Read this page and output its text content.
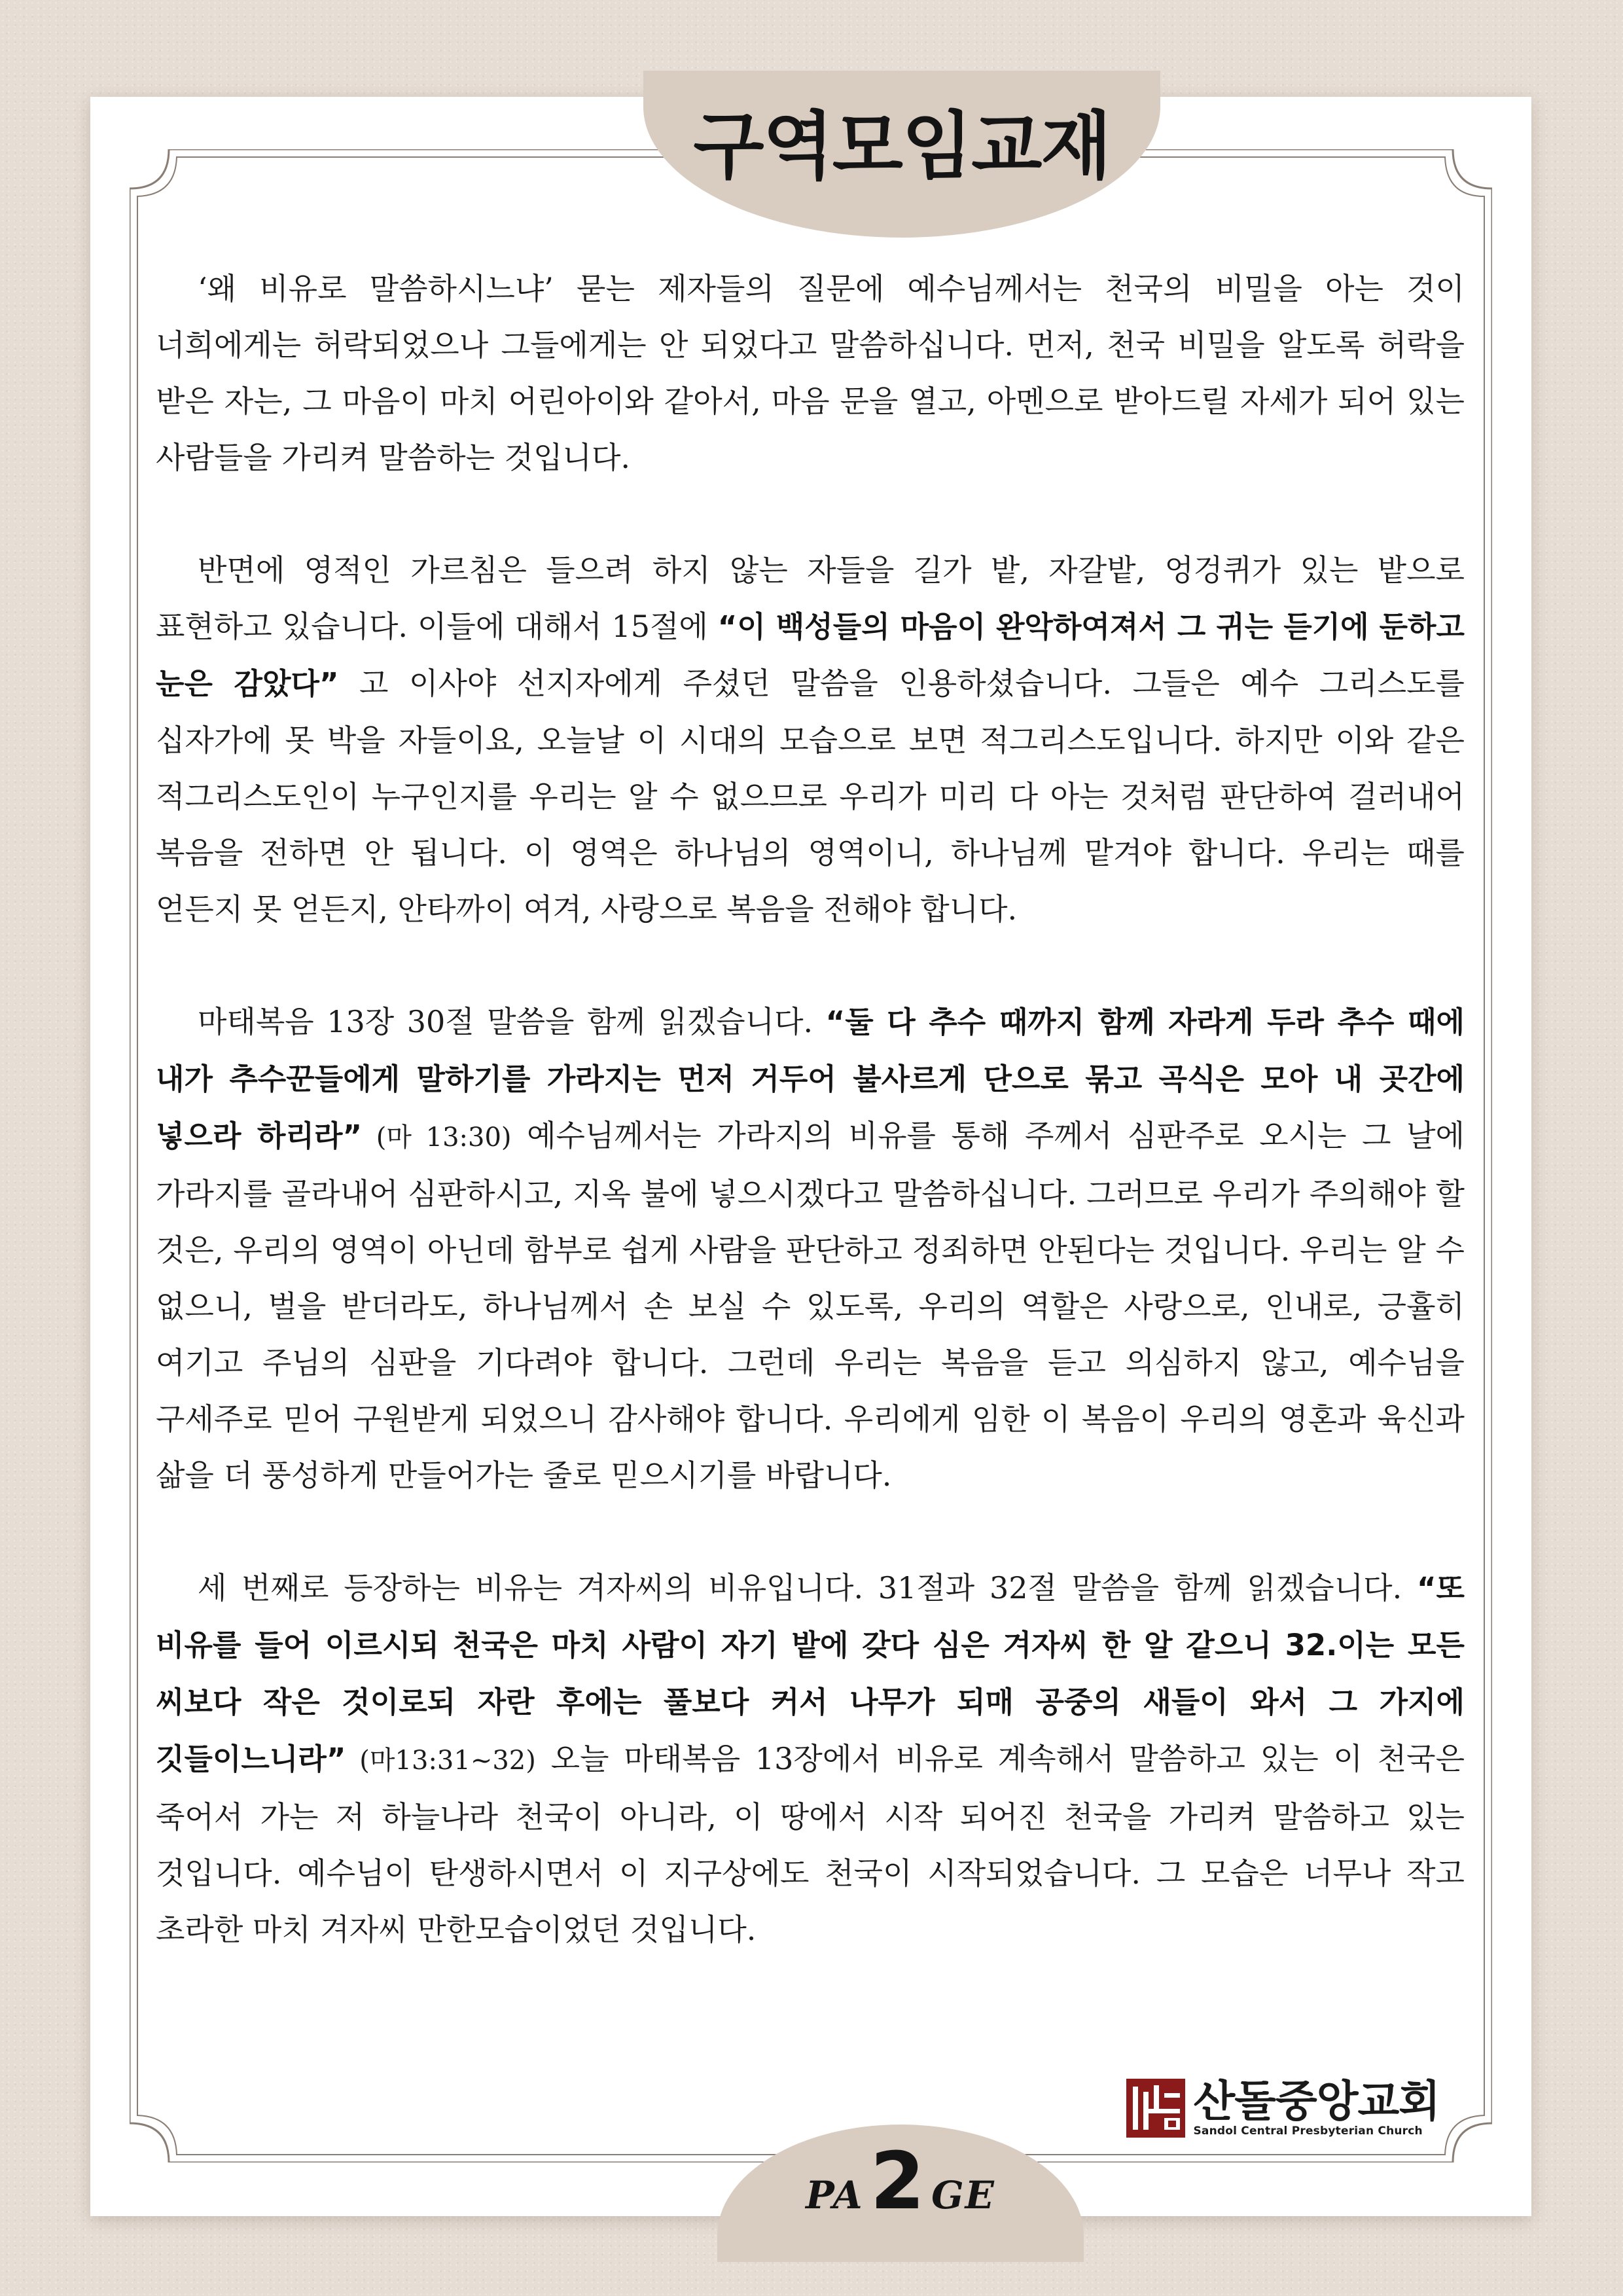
구역모임교재

‘왜 비유로 말씀하시느냐’ 묻는 제자들의 질문에 예수님께서는 천국의 비밀을 아는 것이 너희에게는 허락되었으나 그들에게는 안 되었다고 말씀하십니다. 먼저, 천국 비밀을 알도록 허락을 받은 자는, 그 마음이 마치 어린아이와 같아서, 마음 문을 열고, 아멘으로 받아드릴 자세가 되어 있는 사람들을 가리켜 말씀하는 것입니다.

반면에 영적인 가르침은 들으려 하지 않는 자들을 길가 밭, 자갈밭, 엉겅퀴가 있는 밭으로 표현하고 있습니다. 이들에 대해서 15절에 “이 백성들의 마음이 완악하여져서 그 귀는 듣기에 둔하고 눈은 감았다” 고 이사야 선지자에게 주셨던 말씀을 인용하셨습니다. 그들은 예수 그리스도를 십자가에 못 박을 자들이요, 오늘날 이 시대의 모습으로 보면 적그리스도입니다. 하지만 이와 같은 적그리스도인이 누구인지를 우리는 알 수 없으므로 우리가 미리 다 아는 것처럼 판단하여 걸러내어 복음을 전하면 안 됩니다. 이 영역은 하나님의 영역이니, 하나님께 맡겨야 합니다. 우리는 때를 얻든지 못 얻든지, 안타까이 여겨, 사랑으로 복음을 전해야 합니다.

마태복음 13장 30절 말씀을 함께 읽겠습니다. “둘 다 추수 때까지 함께 자라게 두라 추수 때에 내가 추수꾼들에게 말하기를 가라지는 먼저 거두어 불사르게 단으로 묶고 곡식은 모아 내 곳간에 넣으라 하리라” (마 13:30) 예수님께서는 가라지의 비유를 통해 주께서 심판주로 오시는 그 날에 가라지를 골라내어 심판하시고, 지옥 불에 넣으시겠다고 말씀하십니다. 그러므로 우리가 주의해야 할 것은, 우리의 영역이 아닌데 함부로 쉽게 사람을 판단하고 정죄하면 안된다는 것입니다. 우리는 알 수 없으니, 벌을 받더라도, 하나님께서 손 보실 수 있도록, 우리의 역할은 사랑으로, 인내로, 긍휼히 여기고 주님의 심판을 기다려야 합니다. 그런데 우리는 복음을 듣고 의심하지 않고, 예수님을 구세주로 믿어 구원받게 되었으니 감사해야 합니다. 우리에게 임한 이 복음이 우리의 영혼과 육신과 삶을 더 풍성하게 만들어가는 줄로 믿으시기를 바랍니다.

세 번째로 등장하는 비유는 겨자씨의 비유입니다. 31절과 32절 말씀을 함께 읽겠습니다. “또 비유를 들어 이르시되 천국은 마치 사람이 자기 밭에 갖다 심은 겨자씨 한 알 같으니 32.이는 모든 씨보다 작은 것이로되 자란 후에는 풀보다 커서 나무가 되매 공중의 새들이 와서 그 가지에 깃들이느니라” (마13:31~32) 오늘 마태복음 13장에서 비유로 계속해서 말씀하고 있는 이 천국은 죽어서 가는 저 하늘나라 천국이 아니라, 이 땅에서 시작 되어진 천국을 가리켜 말씀하고 있는 것입니다. 예수님이 탄생하시면서 이 지구상에도 천국이 시작되었습니다. 그 모습은 너무나 작고 초라한 마치 겨자씨 만한모습이었던 것입니다.

산돌중앙교회
Sandol Central Presbyterian Church
PA 2 GE
